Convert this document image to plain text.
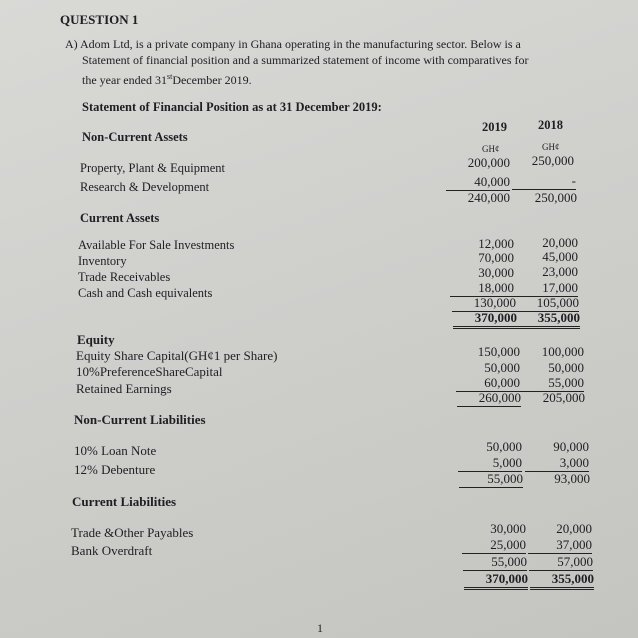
QUESTION 1
A) Adom Ltd, is a private company in Ghana operating in the manufacturing sector. Below is a
Statement of financial position and a summarized statement of income with comparatives for
the year ended 31stDecember 2019.
Statement of Financial Position as at 31 December 2019:
2019 2018
Non-Current Assets
GH¢	GH¢
Property, Plant & Equipment	200,000	250,000
Research & Development	40,000	-
240,000	250,000
Current Assets
Available For Sale Investments	12,000	20,000
Inventory	70,000	45,000
Trade Receivables	30,000	23,000
Cash and Cash equivalents	18,000	17,000
130,000	105,000
370,000	355,000
Equity
Equity Share Capital(GH¢1 per Share)	150,000	100,000
10%PreferenceShareCapital	50,000	50,000
Retained Earnings	60,000	55,000
260,000	205,000
Non-Current Liabilities
10% Loan Note	50,000	90,000
12% Debenture	5,000	3,000
55,000	93,000
Current Liabilities
Trade &Other Payables	30,000	20,000
Bank Overdraft	25,000	37,000
55,000	57,000
370,000	355,000
1
